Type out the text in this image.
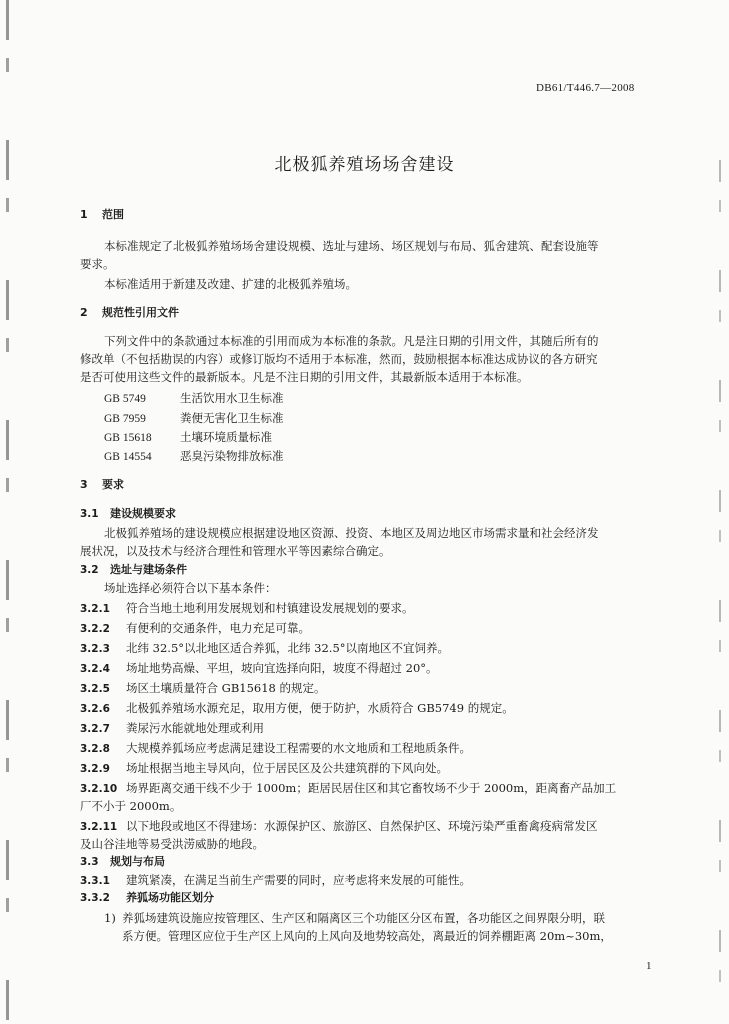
DB61/T446.7—2008
北极狐养殖场场舍建设
1 范围
本标准规定了北极狐养殖场场舍建设规模、选址与建场、场区规划与布局、狐舍建筑、配套设施等
要求。
本标准适用于新建及改建、扩建的北极狐养殖场。
2 规范性引用文件
下列文件中的条款通过本标准的引用而成为本标准的条款。凡是注日期的引用文件，其随后所有的
修改单（不包括勘误的内容）或修订版均不适用于本标准，然而，鼓励根据本标准达成协议的各方研究
是否可使用这些文件的最新版本。凡是不注日期的引用文件，其最新版本适用于本标准。
GB 5749	生活饮用水卫生标准
GB 7959	粪便无害化卫生标准
GB 15618 土壤环境质量标准
GB 14554 恶臭污染物排放标准
3 要求
3.1 建设规模要求
北极狐养殖场的建设规模应根据建设地区资源、投资、本地区及周边地区市场需求量和社会经济发
展状况，以及技术与经济合理性和管理水平等因素综合确定。
3.2 选址与建场条件
场址选择必须符合以下基本条件：
3.2.1 符合当地土地利用发展规划和村镇建设发展规划的要求。
3.2.2 有便利的交通条件，电力充足可靠。
3.2.3 北纬 32.5°以北地区适合养狐，北纬 32.5°以南地区不宜饲养。
3.2.4 场址地势高燥、平坦，坡向宜选择向阳，坡度不得超过 20°。
3.2.5 场区土壤质量符合 GB15618 的规定。
3.2.6 北极狐养殖场水源充足，取用方便，便于防护，水质符合 GB5749 的规定。
3.2.7 粪尿污水能就地处理或利用
3.2.8 大规模养狐场应考虑满足建设工程需要的水文地质和工程地质条件。
3.2.9 场址根据当地主导风向，位于居民区及公共建筑群的下风向处。
3.2.10 场界距离交通干线不少于 1000m；距居民居住区和其它畜牧场不少于 2000m，距离畜产品加工
厂不小于 2000m。
3.2.11 以下地段或地区不得建场：水源保护区、旅游区、自然保护区、环境污染严重畜禽疫病常发区
及山谷洼地等易受洪涝威胁的地段。
3.3 规划与布局
3.3.1 建筑紧凑，在满足当前生产需要的同时，应考虑将来发展的可能性。
3.3.2 养狐场功能区划分
1) 养狐场建筑设施应按管理区、生产区和隔离区三个功能区分区布置，各功能区之间界限分明，联
系方便。管理区应位于生产区上风向的上风向及地势较高处，离最近的饲养棚距离 20m~30m，
1
